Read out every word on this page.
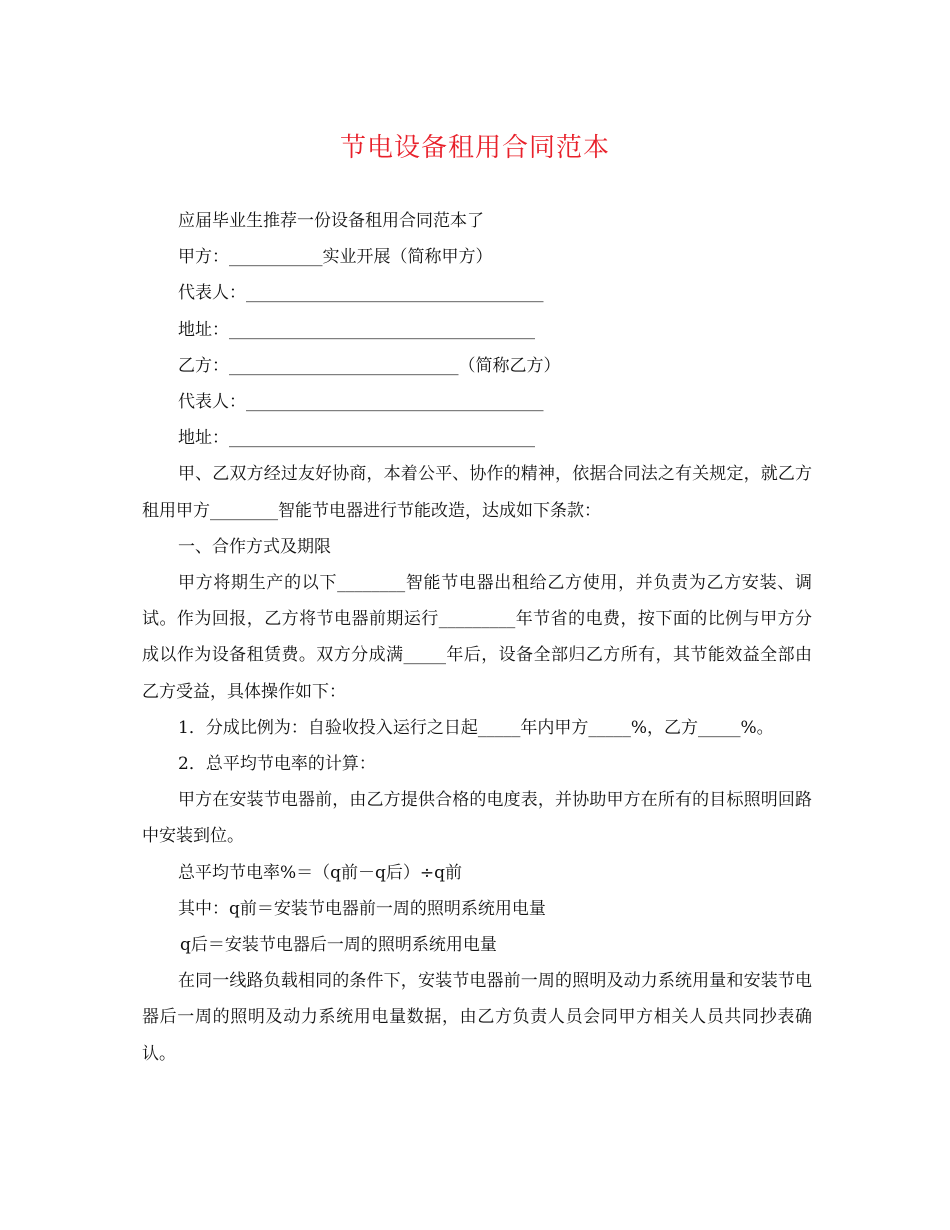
节电设备租用合同范本

应届毕业生推荐一份设备租用合同范本了

甲方：___________实业开展（简称甲方）

代表人：___________________________________

地址：____________________________________

乙方：___________________________（简称乙方）

代表人：___________________________________

地址：____________________________________

甲、乙双方经过友好协商，本着公平、协作的精神，依据合同法之有关规定，就乙方租用甲方________智能节电器进行节能改造，达成如下条款：

一、合作方式及期限

甲方将期生产的以下________智能节电器出租给乙方使用，并负责为乙方安装、调试。作为回报，乙方将节电器前期运行_________年节省的电费，按下面的比例与甲方分成以作为设备租赁费。双方分成满_____年后，设备全部归乙方所有，其节能效益全部由乙方受益，具体操作如下：

1．分成比例为：自验收投入运行之日起_____年内甲方_____%，乙方_____%。

2．总平均节电率的计算：

甲方在安装节电器前，由乙方提供合格的电度表，并协助甲方在所有的目标照明回路中安装到位。

总平均节电率%＝（q前－q后）÷q前

其中：q前＝安装节电器前一周的照明系统用电量

q后＝安装节电器后一周的照明系统用电量

在同一线路负载相同的条件下，安装节电器前一周的照明及动力系统用量和安装节电器后一周的照明及动力系统用电量数据，由乙方负责人员会同甲方相关人员共同抄表确认。
